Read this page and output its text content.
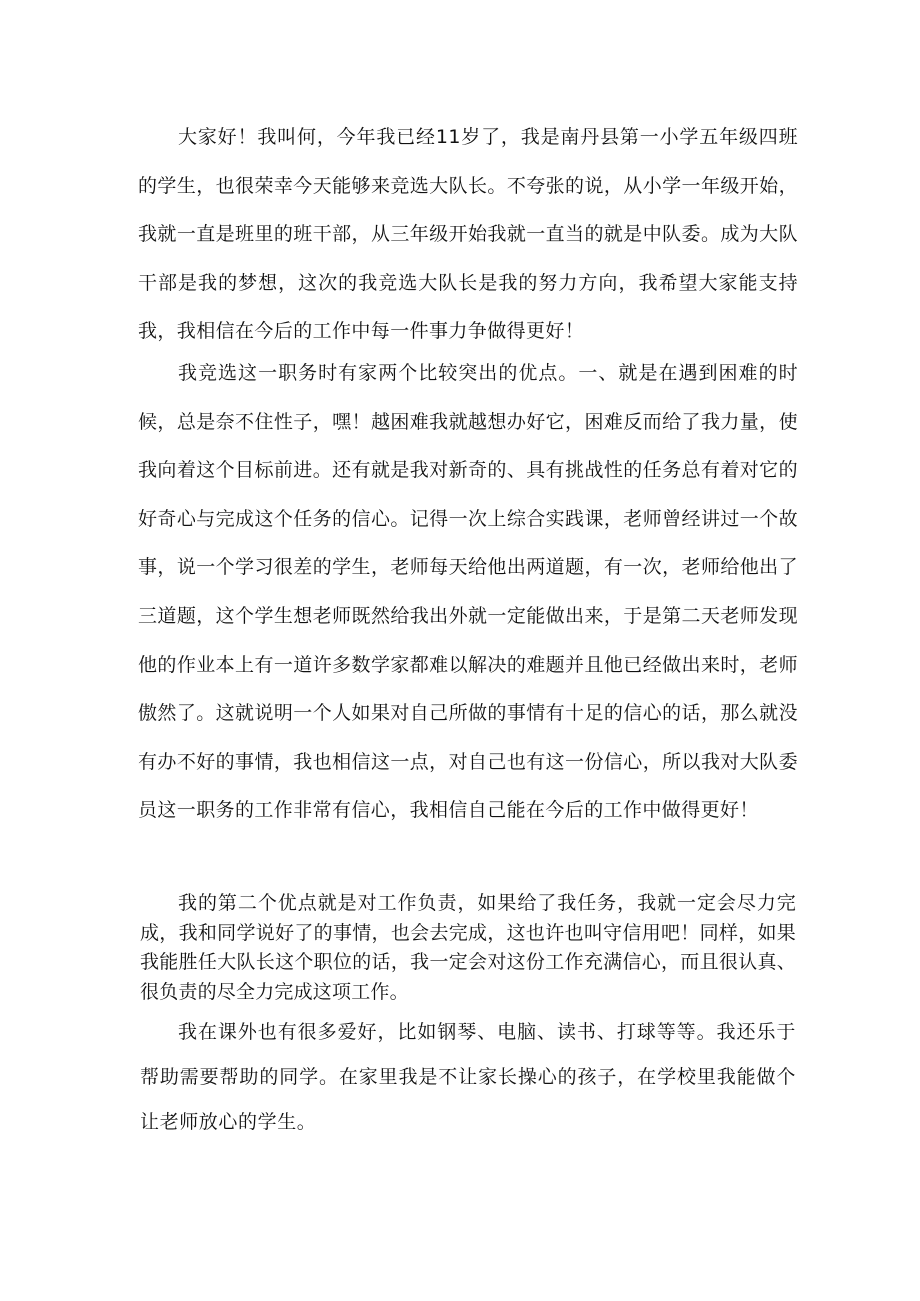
大家好！我叫何，今年我已经11岁了，我是南丹县第一小学五年级四班的学生，也很荣幸今天能够来竞选大队长。不夸张的说，从小学一年级开始，我就一直是班里的班干部，从三年级开始我就一直当的就是中队委。成为大队干部是我的梦想，这次的我竞选大队长是我的努力方向，我希望大家能支持我，我相信在今后的工作中每一件事力争做得更好！

我竞选这一职务时有家两个比较突出的优点。一、就是在遇到困难的时候，总是奈不住性子，嘿！越困难我就越想办好它，困难反而给了我力量，使我向着这个目标前进。还有就是我对新奇的、具有挑战性的任务总有着对它的好奇心与完成这个任务的信心。记得一次上综合实践课，老师曾经讲过一个故事，说一个学习很差的学生，老师每天给他出两道题，有一次，老师给他出了三道题，这个学生想老师既然给我出外就一定能做出来，于是第二天老师发现他的作业本上有一道许多数学家都难以解决的难题并且他已经做出来时，老师傲然了。这就说明一个人如果对自己所做的事情有十足的信心的话，那么就没有办不好的事情，我也相信这一点，对自己也有这一份信心，所以我对大队委员这一职务的工作非常有信心，我相信自己能在今后的工作中做得更好！

我的第二个优点就是对工作负责，如果给了我任务，我就一定会尽力完成，我和同学说好了的事情，也会去完成，这也许也叫守信用吧！同样，如果我能胜任大队长这个职位的话，我一定会对这份工作充满信心，而且很认真、很负责的尽全力完成这项工作。

我在课外也有很多爱好，比如钢琴、电脑、读书、打球等等。我还乐于帮助需要帮助的同学。在家里我是不让家长操心的孩子，在学校里我能做个让老师放心的学生。
